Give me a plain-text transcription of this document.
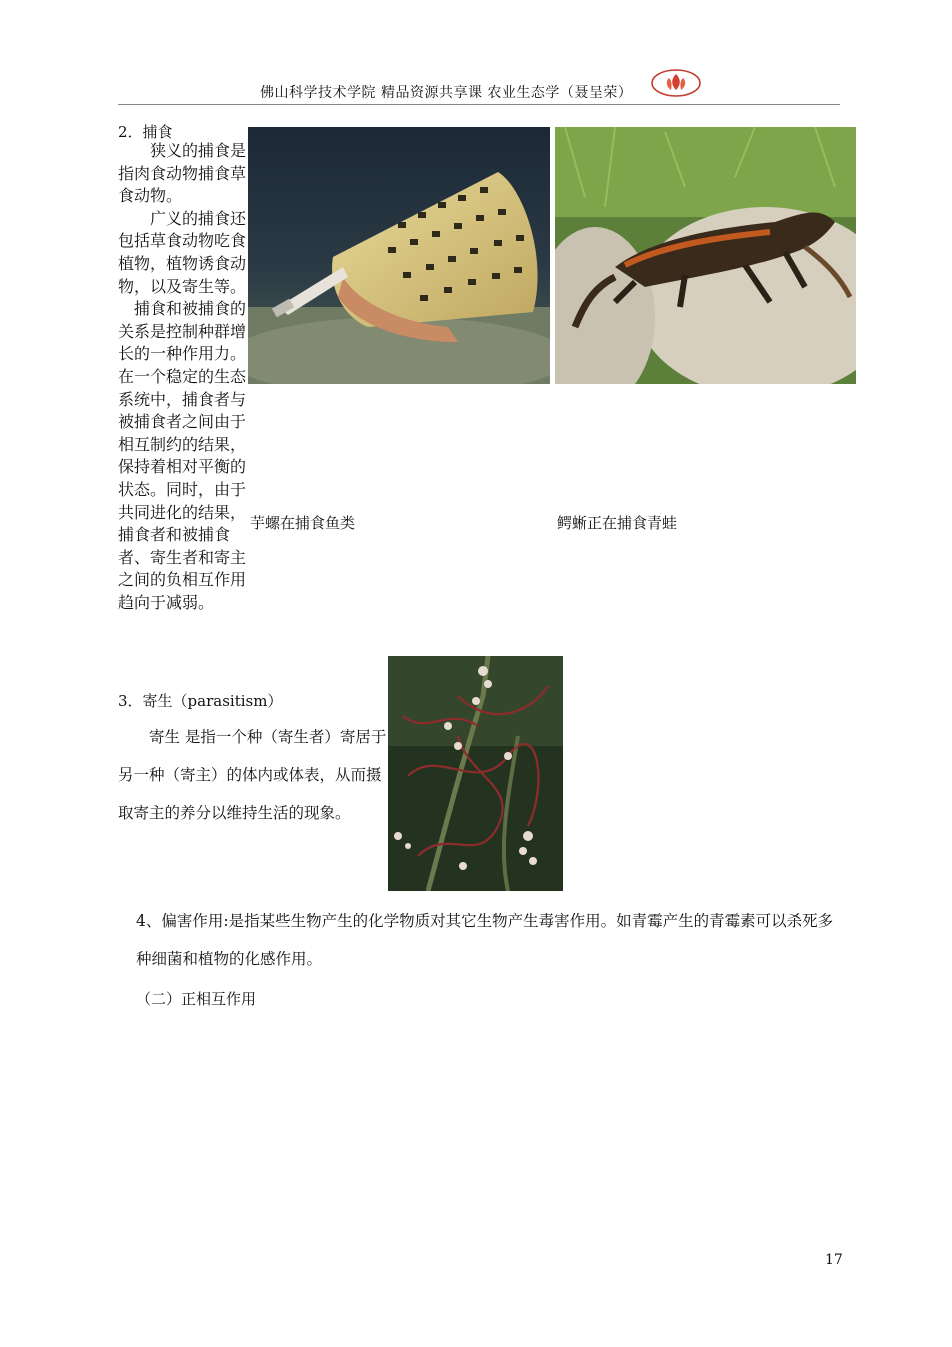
佛山科学技术学院 精品资源共享课 农业生态学（聂呈荣）
2．捕食

狭义的捕食是指肉食动物捕食草食动物。

广义的捕食还包括草食动物吃食植物，植物诱食动物，以及寄生等。

捕食和被捕食的关系是控制种群增长的一种作用力。在一个稳定的生态系统中，捕食者与被捕食者之间由于相互制约的结果，保持着相对平衡的状态。同时，由于共同进化的结果，捕食者和被捕食者、寄生者和寄主之间的负相互作用趋向于减弱。

芋螺在捕食鱼类	鳄蜥正在捕食青蛙
3．寄生（parasitism）

寄生 是指一个种（寄生者）寄居于另一种（寄主）的体内或体表，从而摄取寄主的养分以维持生活的现象。

4、偏害作用:是指某些生物产生的化学物质对其它生物产生毒害作用。如青霉产生的青霉素可以杀死多种细菌和植物的化感作用。

（二）正相互作用
17
